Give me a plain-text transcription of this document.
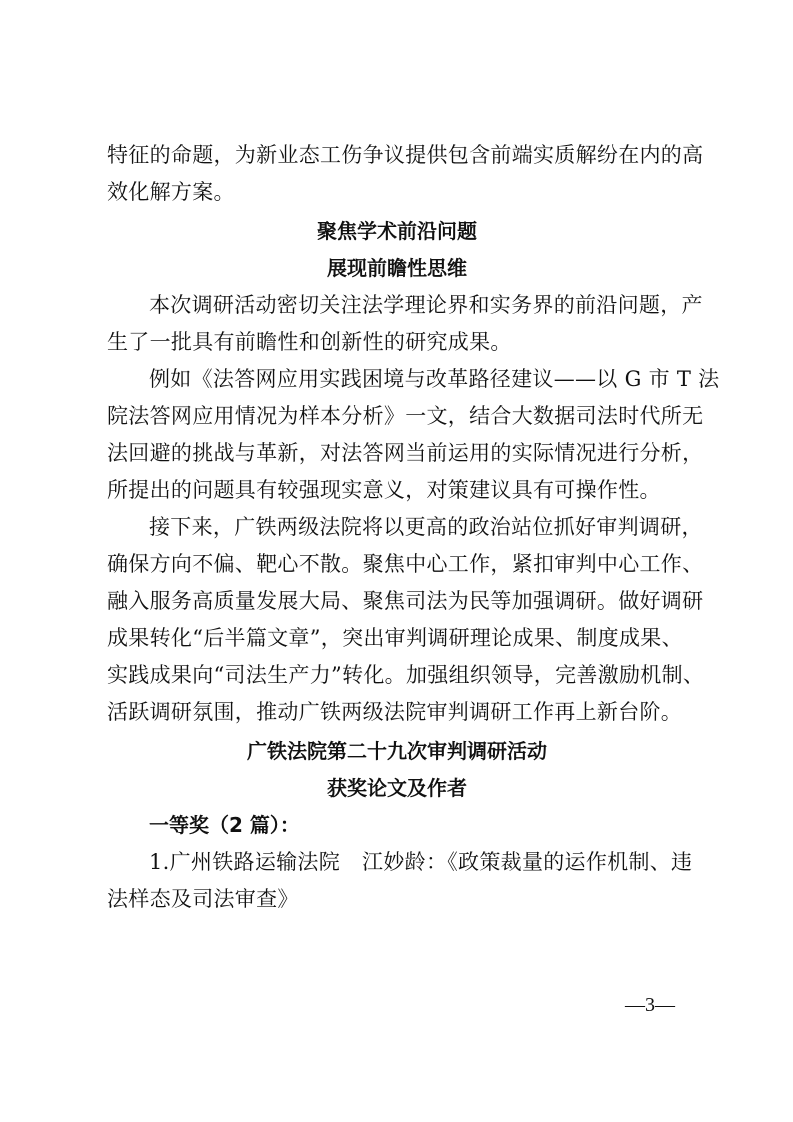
特征的命题，为新业态工伤争议提供包含前端实质解纷在内的高
效化解方案。
聚焦学术前沿问题
展现前瞻性思维
本次调研活动密切关注法学理论界和实务界的前沿问题，产
生了一批具有前瞻性和创新性的研究成果。
例如《法答网应用实践困境与改革路径建议——以 G 市 T 法
院法答网应用情况为样本分析》一文，结合大数据司法时代所无
法回避的挑战与革新，对法答网当前运用的实际情况进行分析，
所提出的问题具有较强现实意义，对策建议具有可操作性。
接下来，广铁两级法院将以更高的政治站位抓好审判调研，
确保方向不偏、靶心不散。聚焦中心工作，紧扣审判中心工作、
融入服务高质量发展大局、聚焦司法为民等加强调研。做好调研
成果转化“后半篇文章”，突出审判调研理论成果、制度成果、
实践成果向“司法生产力”转化。加强组织领导，完善激励机制、
活跃调研氛围，推动广铁两级法院审判调研工作再上新台阶。
广铁法院第二十九次审判调研活动
获奖论文及作者
一等奖（2 篇）：
1.广州铁路运输法院 江妙龄：《政策裁量的运作机制、违
法样态及司法审查》
—3—
